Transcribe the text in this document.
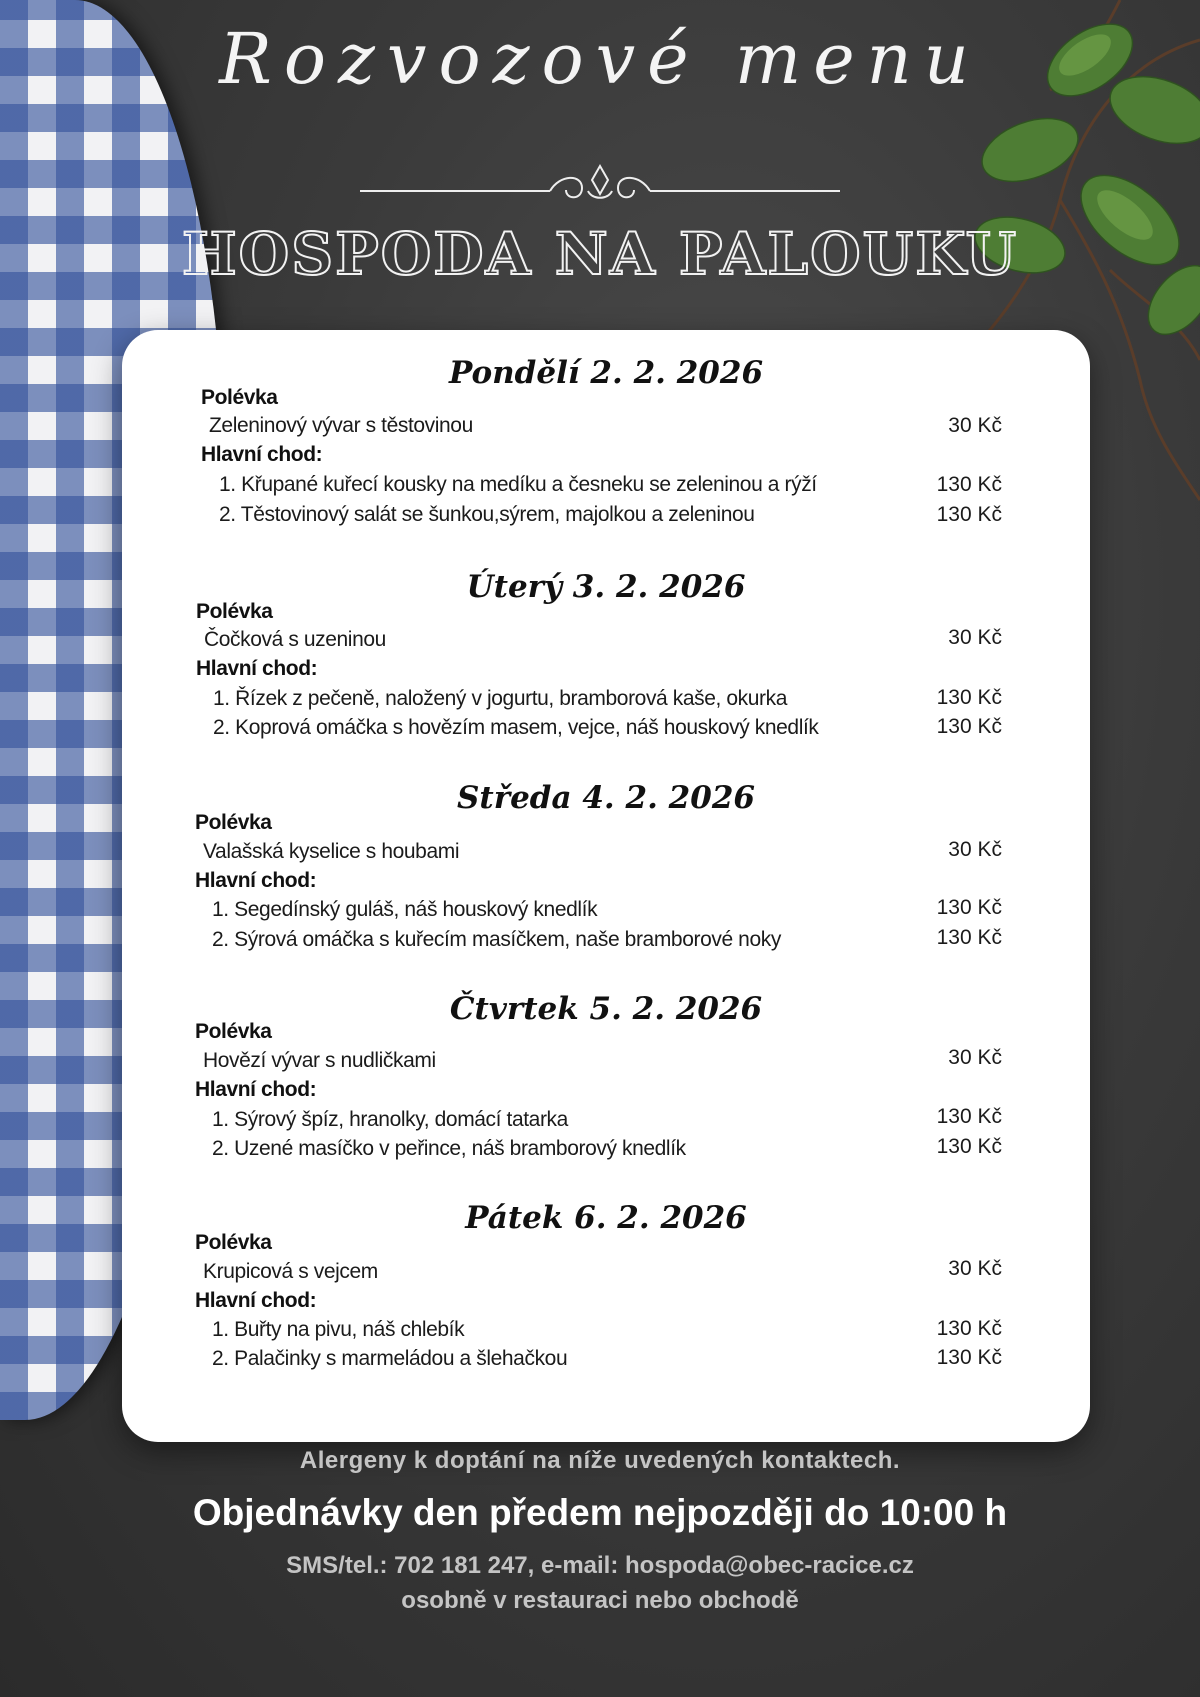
Rozvozové menu
HOSPODA NA PALOUKU
Pondělí 2. 2. 2026
Polévka
Zeleninový vývar s těstovinou	30 Kč
Hlavní chod:
1. Křupané kuřecí kousky na medíku a česneku se zeleninou a rýží	130 Kč
2. Těstovinový salát se šunkou,sýrem, majolkou a zeleninou	130 Kč
Úterý 3. 2. 2026
Polévka
Čočková s uzeninou	30 Kč
Hlavní chod:
1. Řízek z pečeně, naložený v jogurtu, bramborová kaše, okurka	130 Kč
2. Koprová omáčka s hovězím masem, vejce, náš houskový knedlík	130 Kč
Středa 4. 2. 2026
Polévka
Valašská kyselice s houbami	30 Kč
Hlavní chod:
1. Segedínský guláš, náš houskový knedlík	130 Kč
2. Sýrová omáčka s kuřecím masíčkem, naše bramborové noky	130 Kč
Čtvrtek 5. 2. 2026
Polévka
Hovězí vývar s nudličkami	30 Kč
Hlavní chod:
1. Sýrový špíz, hranolky, domácí tatarka	130 Kč
2. Uzené masíčko v peřince, náš bramborový knedlík	130 Kč
Pátek 6. 2. 2026
Polévka
Krupicová s vejcem	30 Kč
Hlavní chod:
1. Buřty na pivu, náš chlebík	130 Kč
2. Palačinky s marmeládou a šlehačkou	130 Kč
Alergeny k doptání na níže uvedených kontaktech.
Objednávky den předem nejpozději do 10:00 h
SMS/tel.: 702 181 247, e-mail: hospoda@obec-racice.cz
osobně v restauraci nebo obchodě
